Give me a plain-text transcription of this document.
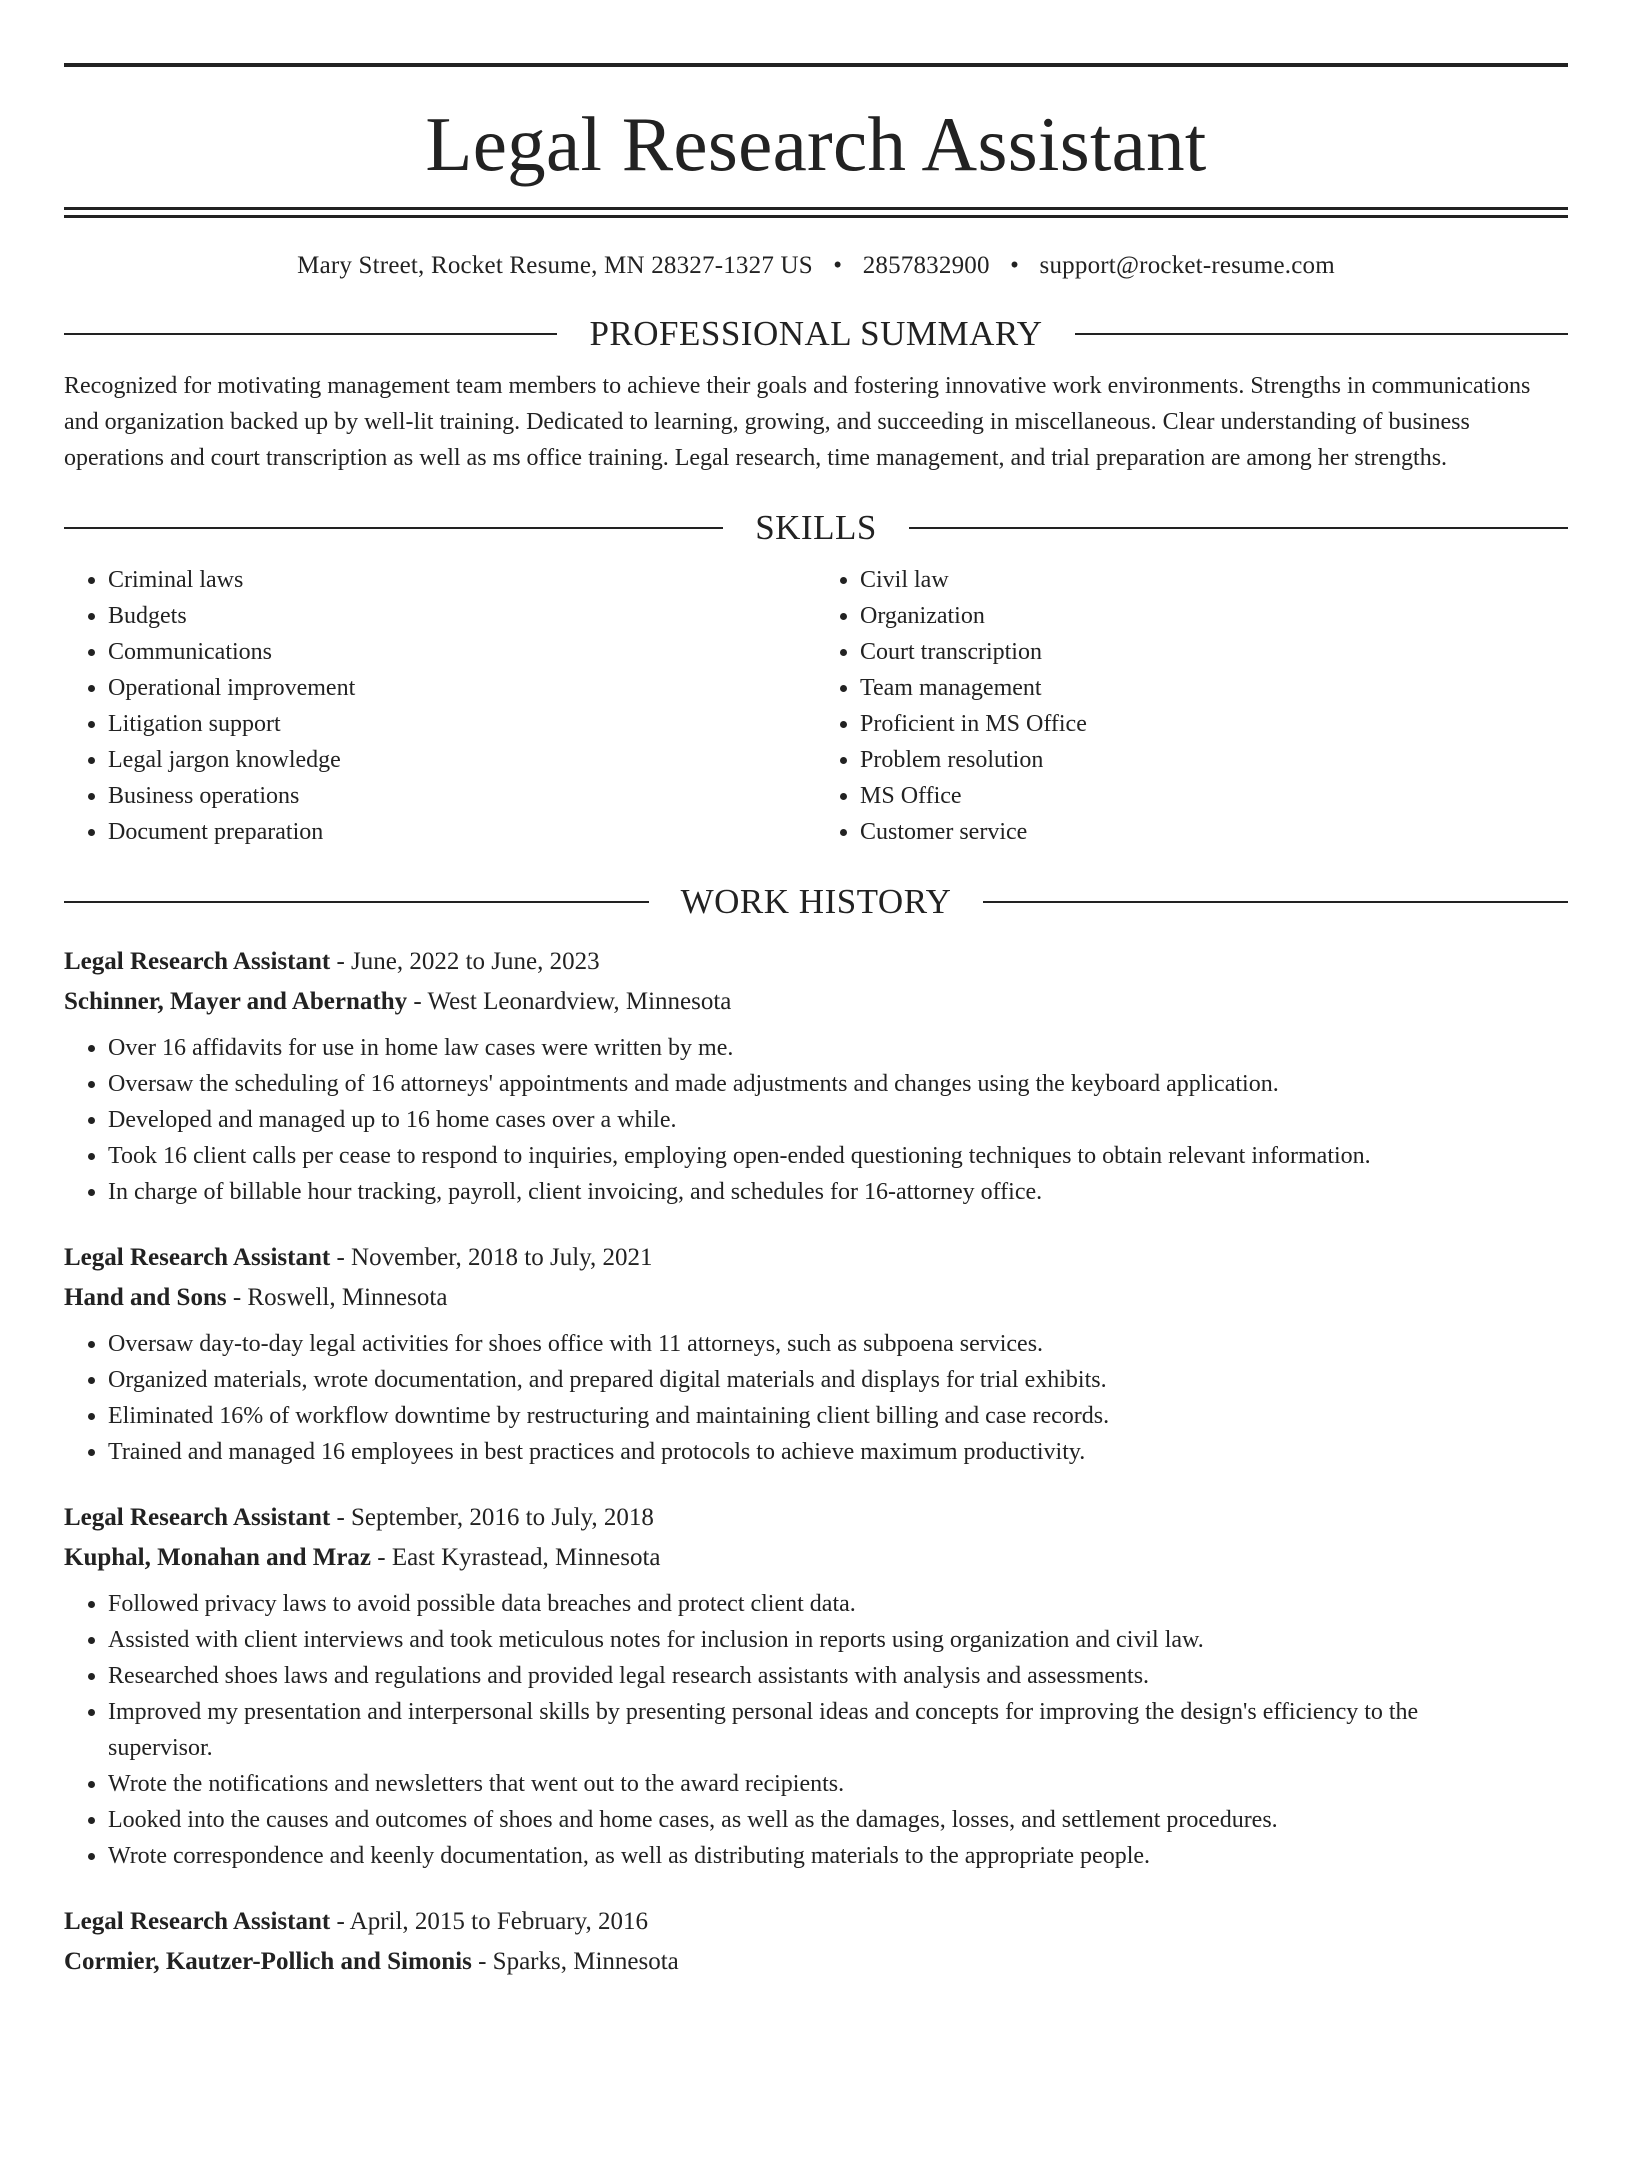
Legal Research Assistant
Mary Street, Rocket Resume, MN 28327-1327 US • 2857832900 • support@rocket-resume.com
PROFESSIONAL SUMMARY
Recognized for motivating management team members to achieve their goals and fostering innovative work environments. Strengths in communications and organization backed up by well-lit training. Dedicated to learning, growing, and succeeding in miscellaneous. Clear understanding of business operations and court transcription as well as ms office training. Legal research, time management, and trial preparation are among her strengths.
SKILLS
• Criminal laws
• Budgets
• Communications
• Operational improvement
• Litigation support
• Legal jargon knowledge
• Business operations
• Document preparation
• Civil law
• Organization
• Court transcription
• Team management
• Proficient in MS Office
• Problem resolution
• MS Office
• Customer service
WORK HISTORY
Legal Research Assistant - June, 2022 to June, 2023
Schinner, Mayer and Abernathy - West Leonardview, Minnesota
• Over 16 affidavits for use in home law cases were written by me.
• Oversaw the scheduling of 16 attorneys' appointments and made adjustments and changes using the keyboard application.
• Developed and managed up to 16 home cases over a while.
• Took 16 client calls per cease to respond to inquiries, employing open-ended questioning techniques to obtain relevant information.
• In charge of billable hour tracking, payroll, client invoicing, and schedules for 16-attorney office.
Legal Research Assistant - November, 2018 to July, 2021
Hand and Sons - Roswell, Minnesota
• Oversaw day-to-day legal activities for shoes office with 11 attorneys, such as subpoena services.
• Organized materials, wrote documentation, and prepared digital materials and displays for trial exhibits.
• Eliminated 16% of workflow downtime by restructuring and maintaining client billing and case records.
• Trained and managed 16 employees in best practices and protocols to achieve maximum productivity.
Legal Research Assistant - September, 2016 to July, 2018
Kuphal, Monahan and Mraz - East Kyrastead, Minnesota
• Followed privacy laws to avoid possible data breaches and protect client data.
• Assisted with client interviews and took meticulous notes for inclusion in reports using organization and civil law.
• Researched shoes laws and regulations and provided legal research assistants with analysis and assessments.
• Improved my presentation and interpersonal skills by presenting personal ideas and concepts for improving the design's efficiency to the supervisor.
• Wrote the notifications and newsletters that went out to the award recipients.
• Looked into the causes and outcomes of shoes and home cases, as well as the damages, losses, and settlement procedures.
• Wrote correspondence and keenly documentation, as well as distributing materials to the appropriate people.
Legal Research Assistant - April, 2015 to February, 2016
Cormier, Kautzer-Pollich and Simonis - Sparks, Minnesota
